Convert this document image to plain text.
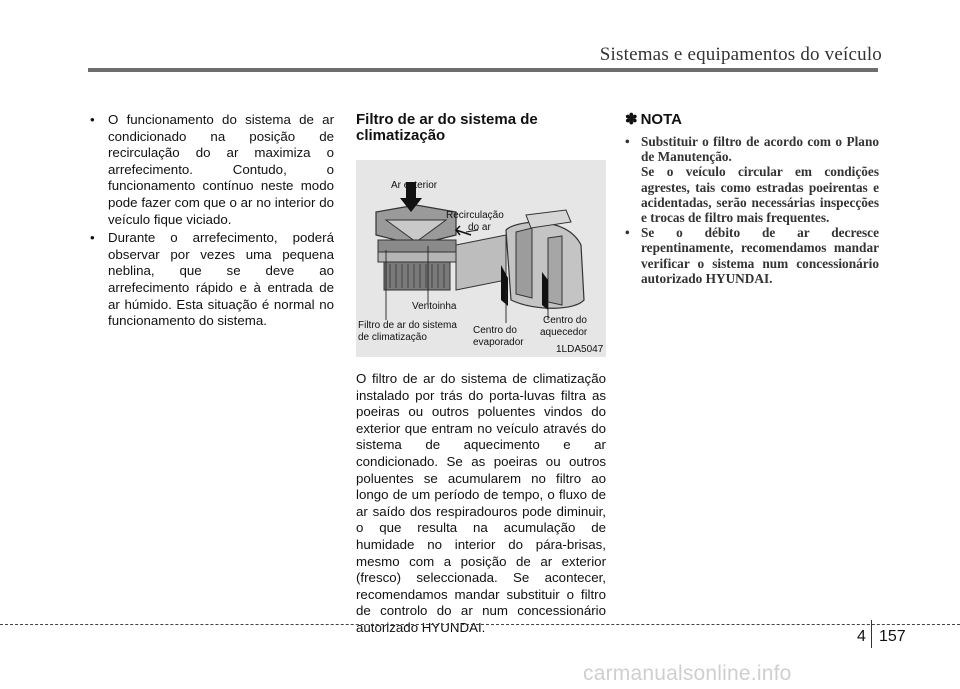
Sistemas e equipamentos do veículo
• O funcionamento do sistema de ar condicionado na posição de recirculação do ar maximiza o arrefecimento. Contudo, o funcionamento contínuo neste modo pode fazer com que o ar no interior do veículo fique viciado.
• Durante o arrefecimento, poderá observar por vezes uma pequena neblina, que se deve ao arrefecimento rápido e à entrada de ar húmido. Esta situação é normal no funcionamento do sistema.
Filtro de ar do sistema de climatização
Ar exterior
Recirculação
do ar
Ventoinha
Filtro de ar do sistema
de climatização
Centro do
evaporador
Centro do
aquecedor
1LDA5047
O filtro de ar do sistema de climatização instalado por trás do porta-luvas filtra as poeiras ou outros poluentes vindos do exterior que entram no veículo através do sistema de aquecimento e ar condicionado. Se as poeiras ou outros poluentes se acumularem no filtro ao longo de um período de tempo, o fluxo de ar saído dos respiradouros pode diminuir, o que resulta na acumulação de humidade no interior do pára-brisas, mesmo com a posição de ar exterior (fresco) seleccionada. Se acontecer, recomendamos mandar substituir o filtro de controlo do ar num concessionário autorizado HYUNDAI.
✽ NOTA
• Substituir o filtro de acordo com o Plano de Manutenção.
Se o veículo circular em condições agrestes, tais como estradas poeirentas e acidentadas, serão necessárias inspecções e trocas de filtro mais frequentes.
• Se o débito de ar decresce repentinamente, recomendamos mandar verificar o sistema num concessionário autorizado HYUNDAI.
4 157
carmanualsonline.info
